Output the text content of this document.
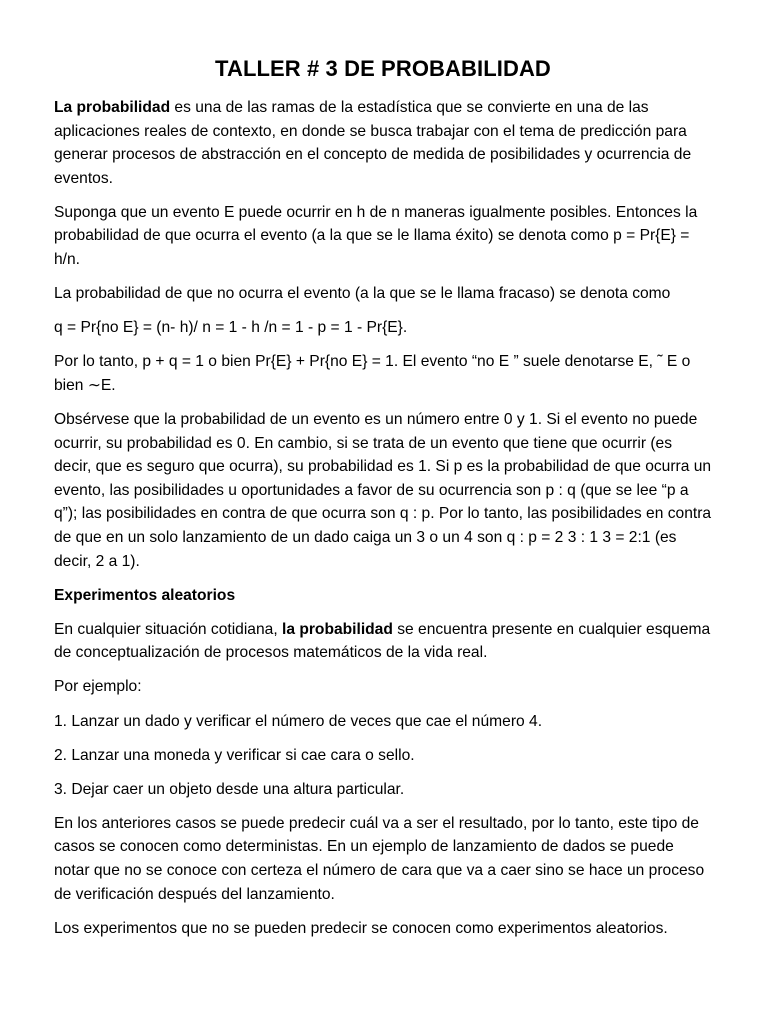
TALLER # 3 DE PROBABILIDAD

La probabilidad es una de las ramas de la estadística que se convierte en una de las aplicaciones reales de contexto, en donde se busca trabajar con el tema de predicción para generar procesos de abstracción en el concepto de medida de posibilidades y ocurrencia de eventos.

Suponga que un evento E puede ocurrir en h de n maneras igualmente posibles. Entonces la probabilidad de que ocurra el evento (a la que se le llama éxito) se denota como p = Pr{E} = h/n.

La probabilidad de que no ocurra el evento (a la que se le llama fracaso) se denota como

q = Pr{no E} = (n- h)/ n = 1 - h /n = 1 - p = 1 - Pr{E}.

Por lo tanto, p + q = 1 o bien Pr{E} + Pr{no E} = 1. El evento “no E ” suele denotarse E, ˜ E o bien ∼E.

Obsérvese que la probabilidad de un evento es un número entre 0 y 1. Si el evento no puede ocurrir, su probabilidad es 0. En cambio, si se trata de un evento que tiene que ocurrir (es decir, que es seguro que ocurra), su probabilidad es 1. Si p es la probabilidad de que ocurra un evento, las posibilidades u oportunidades a favor de su ocurrencia son p : q (que se lee “p a q”); las posibilidades en contra de que ocurra son q : p. Por lo tanto, las posibilidades en contra de que en un solo lanzamiento de un dado caiga un 3 o un 4 son q : p = 2 3 : 1 3 = 2:1 (es decir, 2 a 1).

Experimentos aleatorios

En cualquier situación cotidiana, la probabilidad se encuentra presente en cualquier esquema de conceptualización de procesos matemáticos de la vida real.

Por ejemplo:

1. Lanzar un dado y verificar el número de veces que cae el número 4.

2. Lanzar una moneda y verificar si cae cara o sello.

3. Dejar caer un objeto desde una altura particular.

En los anteriores casos se puede predecir cuál va a ser el resultado, por lo tanto, este tipo de casos se conocen como deterministas. En un ejemplo de lanzamiento de dados se puede notar que no se conoce con certeza el número de cara que va a caer sino se hace un proceso de verificación después del lanzamiento.

Los experimentos que no se pueden predecir se conocen como experimentos aleatorios.
